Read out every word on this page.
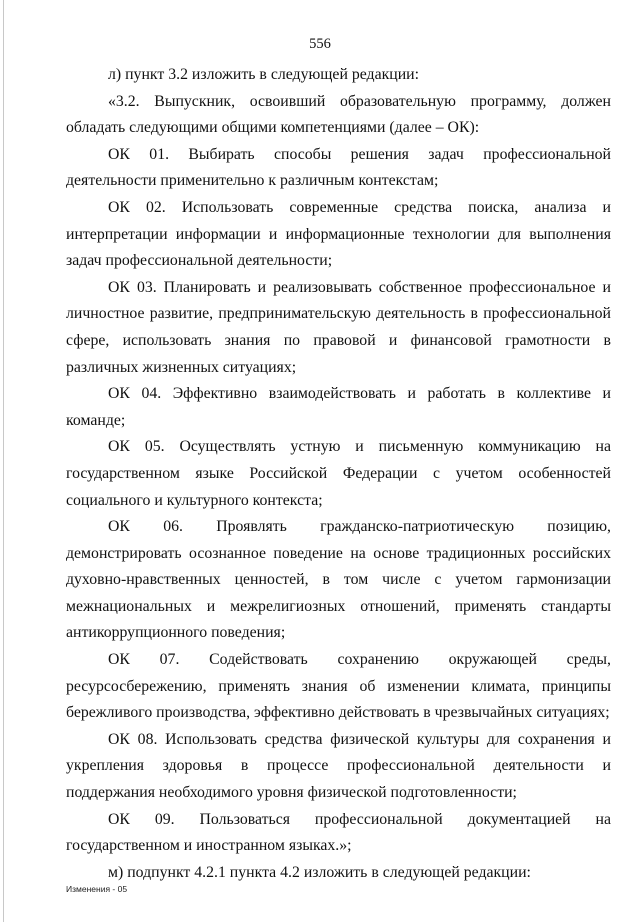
556

л) пункт 3.2 изложить в следующей редакции:

«3.2. Выпускник, освоивший образовательную программу, должен обладать следующими общими компетенциями (далее – ОК):

ОК 01. Выбирать способы решения задач профессиональной деятельности применительно к различным контекстам;

ОК 02. Использовать современные средства поиска, анализа и интерпретации информации и информационные технологии для выполнения задач профессиональной деятельности;

ОК 03. Планировать и реализовывать собственное профессиональное и личностное развитие, предпринимательскую деятельность в профессиональной сфере, использовать знания по правовой и финансовой грамотности в различных жизненных ситуациях;

ОК 04. Эффективно взаимодействовать и работать в коллективе и команде;

ОК 05. Осуществлять устную и письменную коммуникацию на государственном языке Российской Федерации с учетом особенностей социального и культурного контекста;

ОК 06. Проявлять гражданско-патриотическую позицию, демонстрировать осознанное поведение на основе традиционных российских духовно-нравственных ценностей, в том числе с учетом гармонизации межнациональных и межрелигиозных отношений, применять стандарты антикоррупционного поведения;

ОК 07. Содействовать сохранению окружающей среды, ресурсосбережению, применять знания об изменении климата, принципы бережливого производства, эффективно действовать в чрезвычайных ситуациях;

ОК 08. Использовать средства физической культуры для сохранения и укрепления здоровья в процессе профессиональной деятельности и поддержания необходимого уровня физической подготовленности;

ОК 09. Пользоваться профессиональной документацией на государственном и иностранном языках.»;

м) подпункт 4.2.1 пункта 4.2 изложить в следующей редакции:

Изменения - 05
